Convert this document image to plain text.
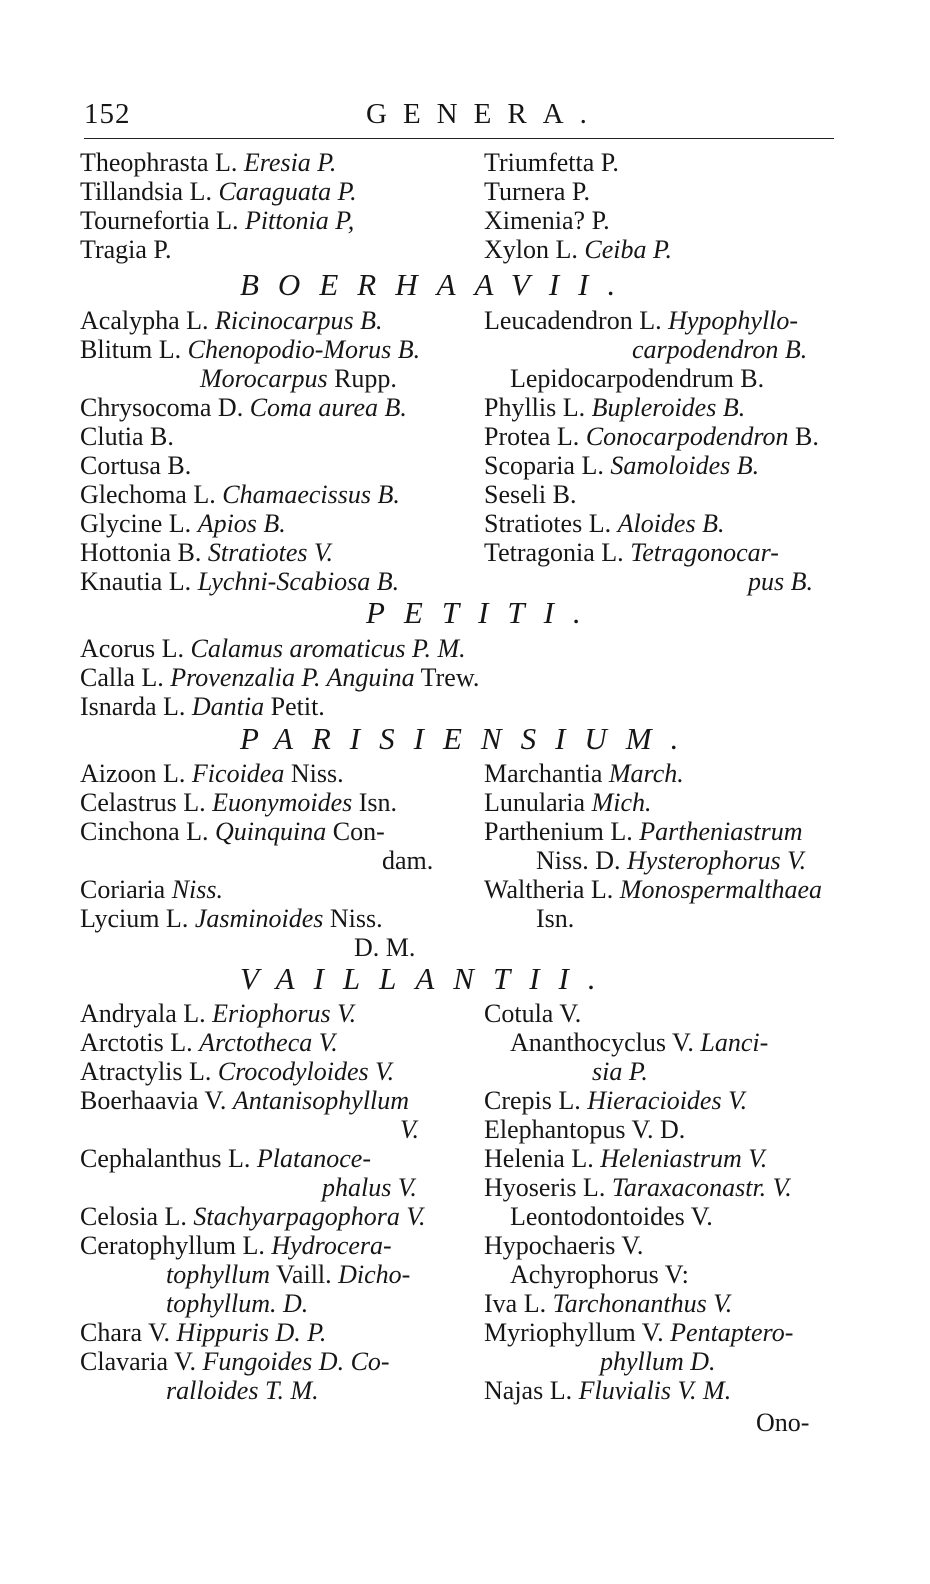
152	GENERA.
Theophrasta L. Eresia P.	Triumfetta P.
Tillandsia L. Caraguata P.	Turnera P.
Tournefortia L. Pittonia P,	Ximenia? P.
Tragia P.	Xylon L. Ceiba P.
Acalypha L. Ricinocarpus B.	Leucadendron L. Hypophyllo-
Blitum L. Chenopodio-Morus B.	carpodendron B.
Morocarpus Rupp.	Lepidocarpodendrum B.
Chrysocoma D. Coma aurea B.	Phyllis L. Bupleroides B.
Clutia B.	Protea L. Conocarpodendron B.
Cortusa B.	Scoparia L. Samoloides B.
Glechoma L. Chamaecissus B.	Seseli B.
Glycine L. Apios B.	Stratiotes L. Aloides B.
Hottonia B. Stratiotes V.	Tetragonia L. Tetragonocar-
Knautia L. Lychni-Scabiosa B.	pus B.
Acorus L. Calamus aromaticus P. M.
Calla L. Provenzalia P. Anguina Trew.
Isnarda L. Dantia Petit.
Aizoon L. Ficoidea Niss.	Marchantia March.
Celastrus L. Euonymoides Isn.	Lunularia Mich.
Cinchona L. Quinquina Con-	Parthenium L. Partheniastrum
dam.	Niss. D. Hysterophorus V.
Coriaria Niss.	Waltheria L. Monospermalthaea
Lycium L. Jasminoides Niss.	Isn.
D. M.
Andryala L. Eriophorus V.	Cotula V.
Arctotis L. Arctotheca V.	Ananthocyclus V. Lanci-
Atractylis L. Crocodyloides V.	sia P.
Boerhaavia V. Antanisophyllum	Crepis L. Hieracioides V.
V. Elephantopus V. D.
Cephalanthus L. Platanoce-	Helenia L. Heleniastrum V.
phalus V.	Hyoseris L. Taraxaconastr. V.
Celosia L. Stachyarpagophora V.	Leontodontoides V.
Ceratophyllum L. Hydrocera-	Hypochaeris V.
tophyllum Vaill. Dicho-	Achyrophorus V:
tophyllum. D.	Iva L. Tarchonanthus V.
Chara V. Hippuris D. P.	Myriophyllum V. Pentaptero-
Clavaria V. Fungoides D. Co-	phyllum D.
ralloides T. M.	Najas L. Fluvialis V. M.
BOERHAAVII.
PETITI.
PARISIENSIUM.
VAILLANTII.
Ono-
